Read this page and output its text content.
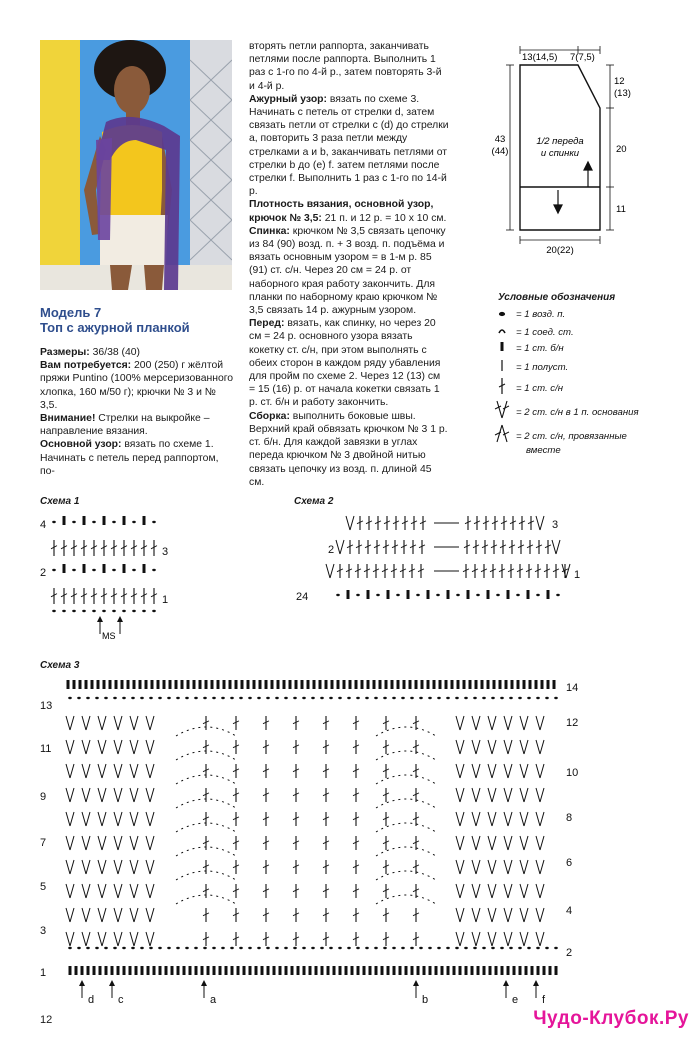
Модель 7
Топ с ажурной планкой
Размеры: 36/38 (40)
Вам потребуется: 200 (250) г жёлтой пряжи Puntino (100% мерсеризованного хлопка, 160 м/50 г); крючки № 3 и № 3,5.
Внимание! Стрелки на выкройке – направление вязания.
Основной узор: вязать по схеме 1. Начинать с петель перед раппортом, по-
вторять петли раппорта, заканчивать петлями после раппорта. Выполнить 1 раз с 1-го по 4-й р., затем повторять 3-й и 4-й р.
Ажурный узор: вязать по схеме 3. Начинать с петель от стрелки d, затем связать петли от стрелки c (d) до стрелки a, повторить 3 раза петли между стрелками a и b, заканчивать петлями от стрелки b до (e) f. затем петлями после стрелки f. Выполнить 1 раз с 1-го по 14-й р.
Плотность вязания, основной узор, крючок № 3,5: 21 п. и 12 р. = 10 х 10 см.
Спинка: крючком № 3,5 связать цепочку из 84 (90) возд. п. + 3 возд. п. подъёма и вязать основным узором = в 1-м р. 85 (91) ст. с/н. Через 20 см = 24 р. от наборного края работу закончить. Для планки по наборному краю крючком № 3,5 связать 14 р. ажурным узором.
Перед: вязать, как спинку, но через 20 см = 24 р. основного узора вязать кокетку ст. с/н, при этом выполнять с обеих сторон в каждом ряду убавления для пройм по схеме 2. Через 12 (13) см = 15 (16) р. от начала кокетки связать 1 р. ст. б/н и работу закончить.
Сборка: выполнить боковые швы. Верхний край обвязать крючком № 3 1 р. ст. б/н. Для каждой завязки в углах переда крючком № 3 двойной нитью связать цепочку из возд. п. длиной 45 см.
13(14,5) 7(7,5)
12
(13)
43
(44)
1/2 переда
и спинки	20
11
20(22)
Условные обозначения
= 1 возд. п.
= 1 соед. ст.
= 1 ст. б/н
= 1 полуст.
= 1 ст. с/н
= 2 ст. с/н в 1 п. основания
= 2 ст. с/н, провязанные
вместе
Схема 1
4
3
2
1
MS
Схема 2
3
2
1
24
Схема 3
13
11
9
7
5
3
1
14
12
10
8
6
4
2
d c	a	b	e f
12	Чудо-Клубок.Ру
